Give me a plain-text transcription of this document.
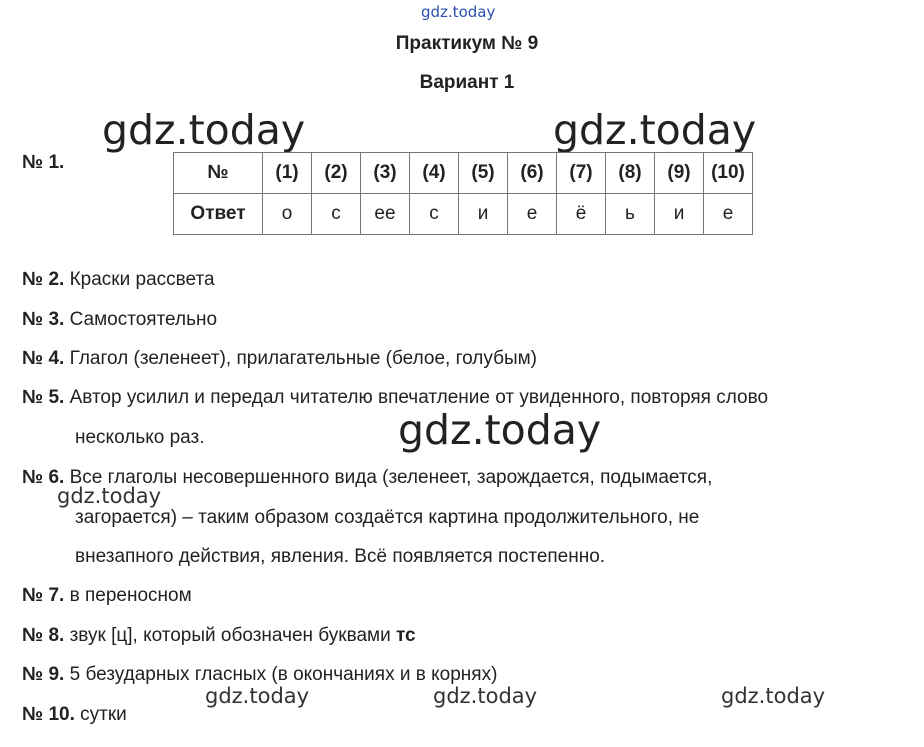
gdz.today
gdz.today	gdz.today
gdz.today
gdz.today
gdz.today	gdz.today	gdz.today
Практикум № 9
Вариант 1
№ 1.	№	(1)	(2)	(3)	(4)	(5)	(6)	(7)	(8)	(9)	(10)
Ответ	о	с	ее	с	и	е	ё	ь	и	е
№ 2. Краски рассвета
№ 3. Самостоятельно
№ 4. Глагол (зеленеет), прилагательные (белое, голубым)
№ 5. Автор усилил и передал читателю впечатление от увиденного, повторяя слово
несколько раз.
№ 6. Все глаголы несовершенного вида (зеленеет, зарождается, подымается,
загорается) – таким образом создаётся картина продолжительного, не
внезапного действия, явления. Всё появляется постепенно.
№ 7. в переносном
№ 8. звук [ц], который обозначен буквами тс
№ 9. 5 безударных гласных (в окончаниях и в корнях)
№ 10. сутки
